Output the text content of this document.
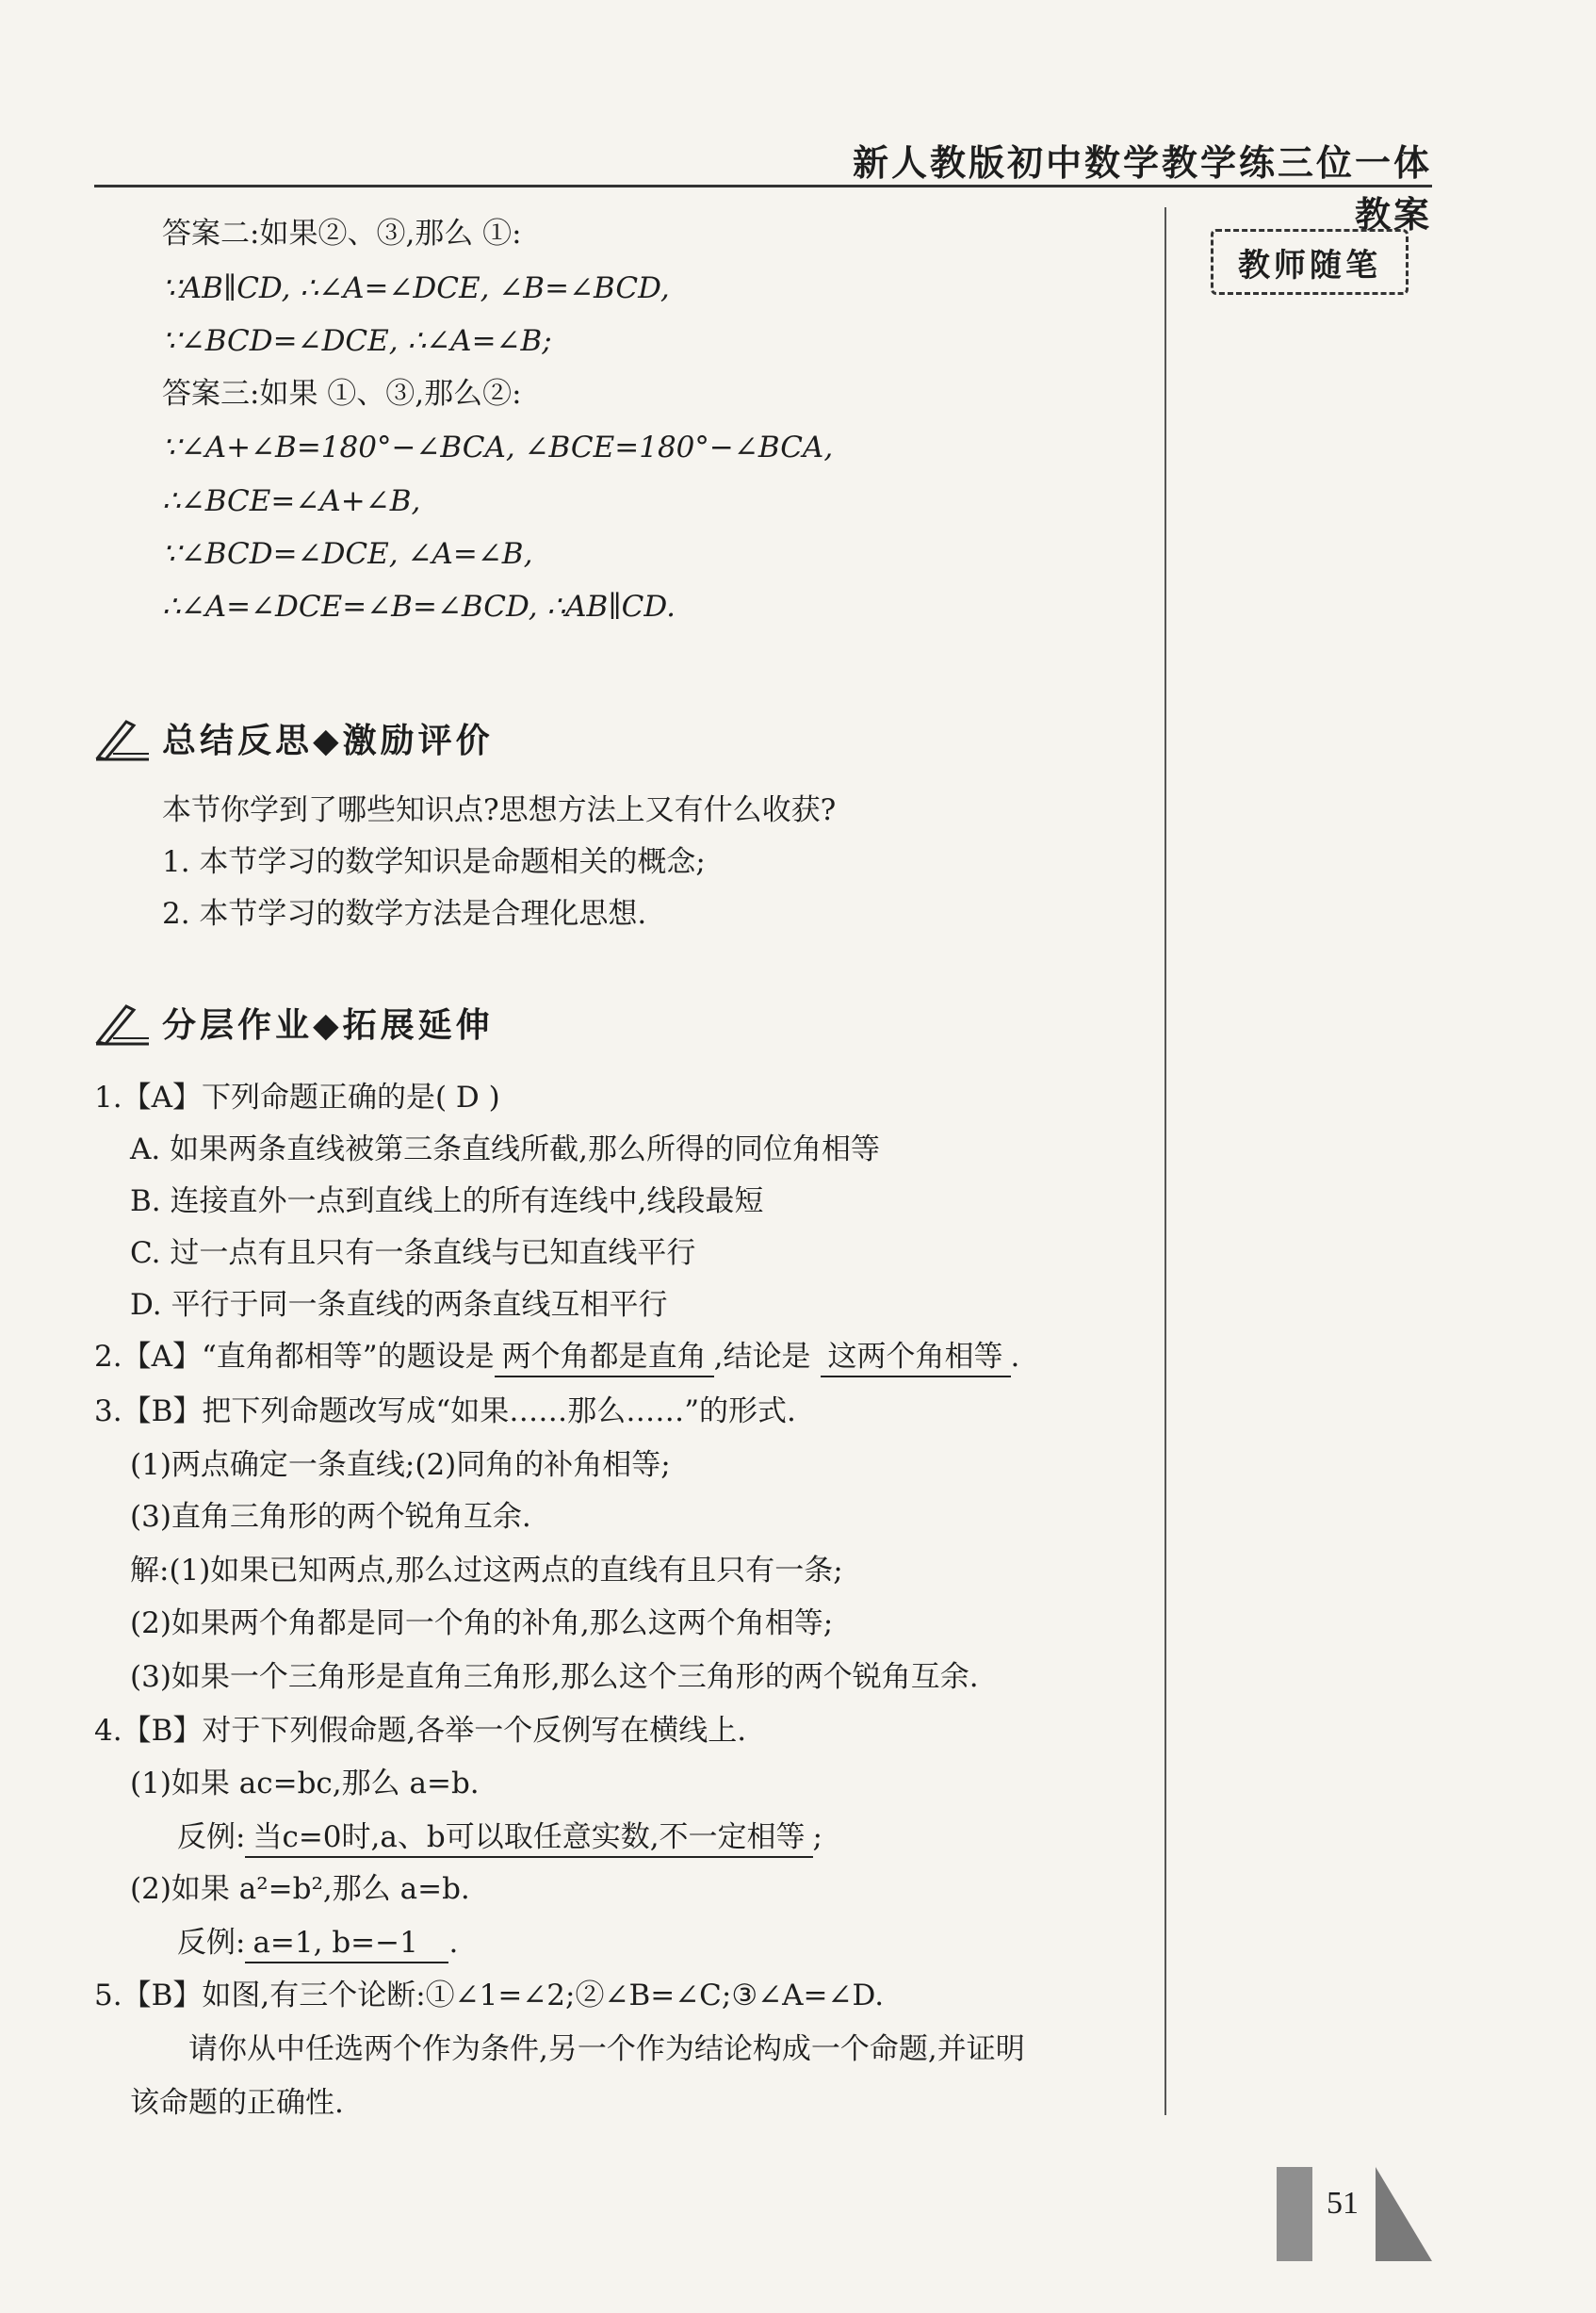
新人教版初中数学教学练三位一体教案
教师随笔
答案二:如果②、③,那么 ①:
∵AB∥CD, ∴∠A=∠DCE, ∠B=∠BCD,
∵∠BCD=∠DCE, ∴∠A=∠B;
答案三:如果 ①、③,那么②:
∵∠A+∠B=180°−∠BCA, ∠BCE=180°−∠BCA,
∴∠BCE=∠A+∠B,
∵∠BCD=∠DCE, ∠A=∠B,
∴∠A=∠DCE=∠B=∠BCD, ∴AB∥CD.
总结反思◆激励评价
本节你学到了哪些知识点?思想方法上又有什么收获?
1. 本节学习的数学知识是命题相关的概念;
2. 本节学习的数学方法是合理化思想.
分层作业◆拓展延伸
1.【A】下列命题正确的是( D )
A. 如果两条直线被第三条直线所截,那么所得的同位角相等
B. 连接直外一点到直线上的所有连线中,线段最短
C. 过一点有且只有一条直线与已知直线平行
D. 平行于同一条直线的两条直线互相平行
2.【A】“直角都相等”的题设是 两个角都是直角 ,结论是 这两个角相等 .
3.【B】把下列命题改写成“如果……那么……”的形式.
(1)两点确定一条直线;(2)同角的补角相等;
(3)直角三角形的两个锐角互余.
解:(1)如果已知两点,那么过这两点的直线有且只有一条;
(2)如果两个角都是同一个角的补角,那么这两个角相等;
(3)如果一个三角形是直角三角形,那么这个三角形的两个锐角互余.
4.【B】对于下列假命题,各举一个反例写在横线上.
(1)如果 ac=bc,那么 a=b.
反例: 当c=0时,a、b可以取任意实数,不一定相等 ;
(2)如果 a²=b²,那么 a=b.
反例: a=1, b=−1 .
5.【B】如图,有三个论断:①∠1=∠2;②∠B=∠C;③∠A=∠D.
请你从中任选两个作为条件,另一个作为结论构成一个命题,并证明
该命题的正确性.
51
